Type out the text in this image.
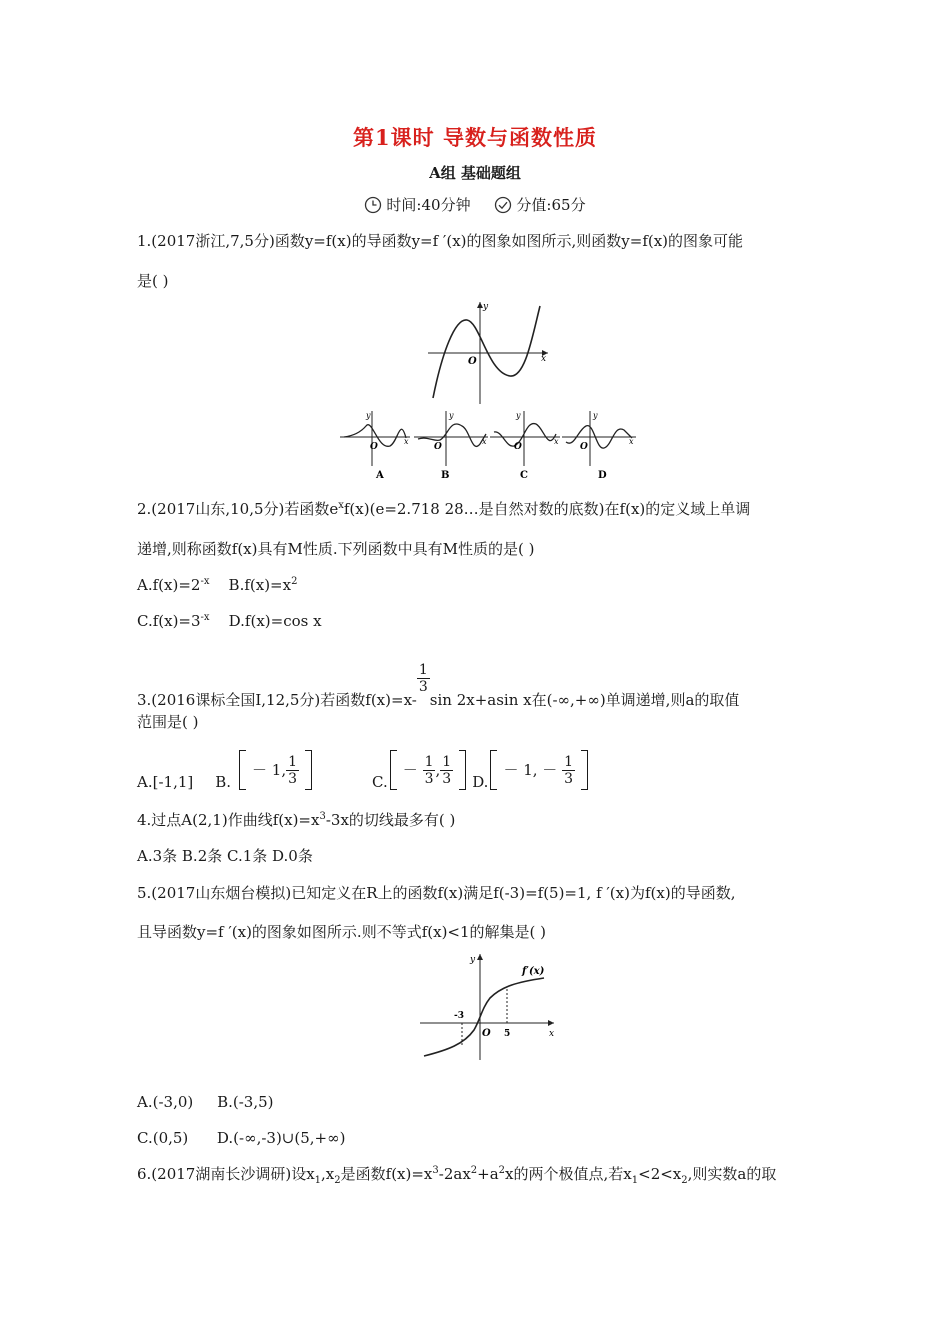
第1课时 导数与函数性质
A组 基础题组
时间:40分钟	分值:65分
1.(2017浙江,7,5分)函数y=f(x)的导函数y=f ′(x)的图象如图所示,则函数y=f(x)的图象可能
是( )
x
y
O
y
x
O
A
y
x
O
B
y
x
O
C
y
x
O
D
2.(2017山东,10,5分)若函数$e^xf(x)(e=2.718$ 28…是自然对数的底数)在f(x)的定义域上单调
递增,则称函数f(x)具有M性质.下列函数中具有M性质的是( )
$A.f(x)=2^{-x}$ $B.f(x)=x^2$
$C.f(x)=3^{-x}$ D.f(x)=cos x
3.(2016课标全国Ⅰ,12,5分)若函数f(x)=x-
$\frac{1}{3}$
sin 2x+asin x在(-∞,+∞)单调递增,则a的取值
范围是( )
A.[-1,1] B.
－ 1, $\frac{1}{3}$	C.
－
$\frac{1}{3}$ , $\frac{1}{3} D$.
－ 1, －
$\frac{1}{3}$
4.过点A(2,1)作曲线$f(x)=x^3-3x$的切线最多有( )
A.3条 B.2条 C.1条 D.0条
5.(2017山东烟台模拟)已知定义在R上的函数f(x)满足f(-3)=f(5)=1, f ′(x)为f(x)的导函数,
且导函数y=f ′(x)的图象如图所示.则不等式f(x)<1的解集是( )
y
x
O
f′(x)
-3
5
A.(-3,0) B.(-3,5)
C.(0,5) D.(-∞,-3)∪(5,+∞)
6.(2017湖南长沙调研)设$x_1,x_2$是函数$f(x)=x^3-2ax^2+a^2x$的两个极值点,若$x_1<2<x_2$,则实数a的取
